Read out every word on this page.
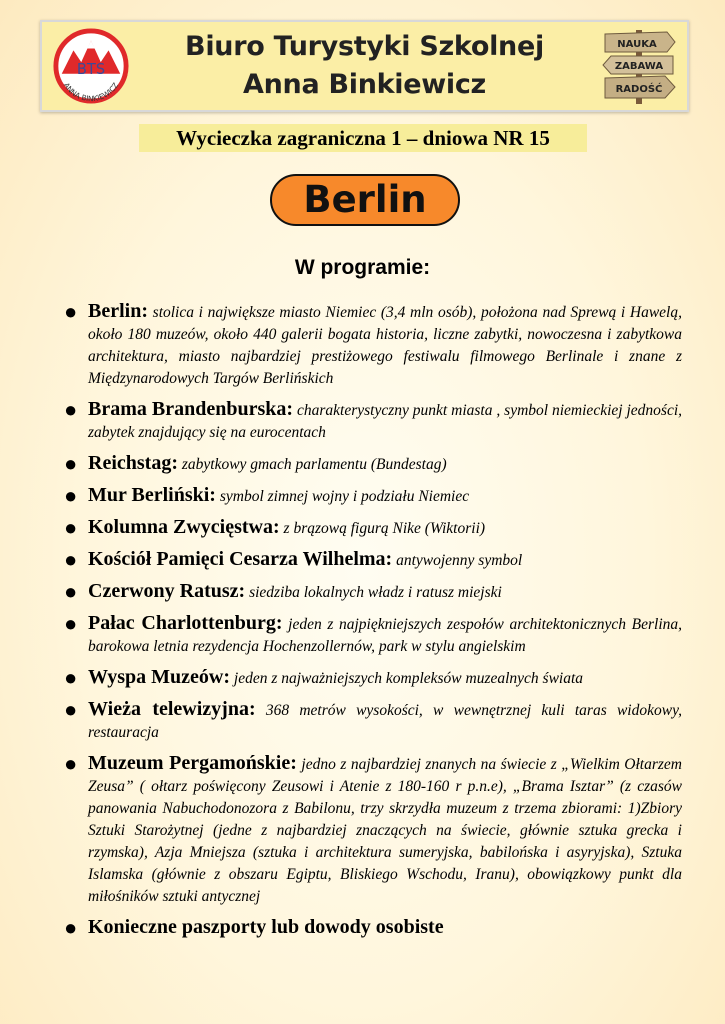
BTS
ANNA BINKIEWICZ
Biuro Turystyki Szkolnej
Anna Binkiewicz
NAUKA
ZABAWA
RADOŚĆ
Wycieczka zagraniczna 1 – dniowa NR 15
Berlin
W programie:
● Berlin: stolica i największe miasto Niemiec (3,4 mln osób), położona nad Sprewą i Hawelą, około 180 muzeów, około 440 galerii bogata historia, liczne zabytki, nowoczesna i zabytkowa architektura, miasto najbardziej prestiżowego festiwalu filmowego Berlinale i znane z Międzynarodowych Targów Berlińskich
● Brama Brandenburska: charakterystyczny punkt miasta , symbol niemieckiej jedności, zabytek znajdujący się na eurocentach
● Reichstag: zabytkowy gmach parlamentu (Bundestag)
● Mur Berliński: symbol zimnej wojny i podziału Niemiec
● Kolumna Zwycięstwa: z brązową figurą Nike (Wiktorii)
● Kościół Pamięci Cesarza Wilhelma: antywojenny symbol
● Czerwony Ratusz: siedziba lokalnych władz i ratusz miejski
● Pałac Charlottenburg: jeden z najpiękniejszych zespołów architektonicznych Berlina, barokowa letnia rezydencja Hochenzollernów, park w stylu angielskim
● Wyspa Muzeów: jeden z najważniejszych kompleksów muzealnych świata
● Wieża telewizyjna: 368 metrów wysokości, w wewnętrznej kuli taras widokowy, restauracja
● Muzeum Pergamońskie: jedno z najbardziej znanych na świecie z „Wielkim Ołtarzem Zeusa” ( ołtarz poświęcony Zeusowi i Atenie z 180-160 r p.n.e), „Brama Isztar” (z czasów panowania Nabuchodonozora z Babilonu, trzy skrzydła muzeum z trzema zbiorami: 1)Zbiory Sztuki Starożytnej (jedne z najbardziej znaczących na świecie, głównie sztuka grecka i rzymska), Azja Mniejsza (sztuka i architektura sumeryjska, babilońska i asyryjska), Sztuka Islamska (głównie z obszaru Egiptu, Bliskiego Wschodu, Iranu), obowiązkowy punkt dla miłośników sztuki antycznej
● Konieczne paszporty lub dowody osobiste
